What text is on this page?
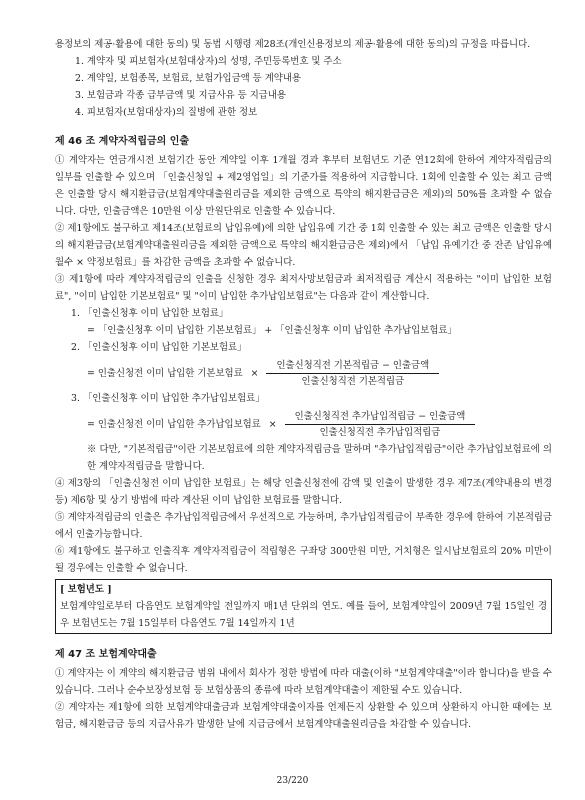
용정보의 제공·활용에 대한 동의) 및 동법 시행령 제28조(개인신용정보의 제공·활용에 대한 동의)의 규정을 따릅니다.

1. 계약자 및 피보험자(보험대상자)의 성명, 주민등록번호 및 주소
2. 계약일, 보험종목, 보험료, 보험가입금액 등 계약내용
3. 보험금과 각종 급부금액 및 지급사유 등 지급내용
4. 피보험자(보험대상자)의 질병에 관한 정보
제 46 조 계약자적립금의 인출

① 계약자는 연금개시전 보험기간 동안 계약일 이후 1개월 경과 후부터 보험년도 기준 연12회에 한하여 계약자적립금의 일부를 인출할 수 있으며 「인출신청일 + 제2영업일」의 기준가를 적용하여 지급합니다. 1회에 인출할 수 있는 최고 금액은 인출할 당시 해지환급금(보험계약대출원리금을 제외한 금액으로 특약의 해지환급금은 제외)의 50%를 초과할 수 없습니다. 다만, 인출금액은 10만원 이상 만원단위로 인출할 수 있습니다.

② 제1항에도 불구하고 제14조(보험료의 납입유예)에 의한 납입유예 기간 중 1회 인출할 수 있는 최고 금액은 인출할 당시의 해지환급금(보험계약대출원리금을 제외한 금액으로 특약의 해지환급금은 제외)에서 「납입 유예기간 중 잔존 납입유예월수 × 약정보험료」를 차감한 금액을 초과할 수 없습니다.

③ 제1항에 따라 계약자적립금의 인출을 신청한 경우 최저사망보험금과 최저적립금 계산시 적용하는 "이미 납입한 보험료", "이미 납입한 기본보험료" 및 "이미 납입한 추가납입보험료"는 다음과 같이 계산합니다.

1. 「인출신청후 이미 납입한 보험료」
= 「인출신청후 이미 납입한 기본보험료」 + 「인출신청후 이미 납입한 추가납입보험료」
2. 「인출신청후 이미 납입한 기본보험료」
= 인출신청전 이미 납입한 기본보험료 × $\frac{\text{인출신청직전 기본적립금 − 인출금액}}{\text{인출신청직전 기본적립금}}$
3. 「인출신청후 이미 납입한 추가납입보험료」
= 인출신청전 이미 납입한 추가납입보험료 × $\frac{\text{인출신청직전 추가납입적립금 − 인출금액}}{\text{인출신청직전 추가납입적립금}}$

※ 다만, "기본적립금"이란 기본보험료에 의한 계약자적립금을 말하며 "추가납입적립금"이란 추가납입보험료에 의한 계약자적립금을 말합니다.

④ 제3항의 「인출신청전 이미 납입한 보험료」는 해당 인출신청전에 감액 및 인출이 발생한 경우 제7조(계약내용의 변경 등) 제6항 및 상기 방법에 따라 계산된 이미 납입한 보험료를 말합니다.

⑤ 계약자적립금의 인출은 추가납입적립금에서 우선적으로 가능하며, 추가납입적립금이 부족한 경우에 한하여 기본적립금에서 인출가능합니다.

⑥ 제1항에도 불구하고 인출직후 계약자적립금이 적립형은 구좌당 300만원 미만, 거치형은 일시납보험료의 20% 미만이 될 경우에는 인출할 수 없습니다.

[ 보험년도 ]

보험계약일로부터 다음연도 보험계약일 전일까지 매1년 단위의 연도. 예를 들어, 보험계약일이 2009년 7월 15일인 경우 보험년도는 7월 15일부터 다음연도 7월 14일까지 1년

제 47 조 보험계약대출

① 계약자는 이 계약의 해지환급금 범위 내에서 회사가 정한 방법에 따라 대출(이하 "보험계약대출"이라 합니다)을 받을 수 있습니다. 그러나 순수보장성보험 등 보험상품의 종류에 따라 보험계약대출이 제한될 수도 있습니다.

② 계약자는 제1항에 의한 보험계약대출금과 보험계약대출이자를 언제든지 상환할 수 있으며 상환하지 아니한 때에는 보험금, 해지환급금 등의 지급사유가 발생한 날에 지급금에서 보험계약대출원리금을 차감할 수 있습니다.

23/220
